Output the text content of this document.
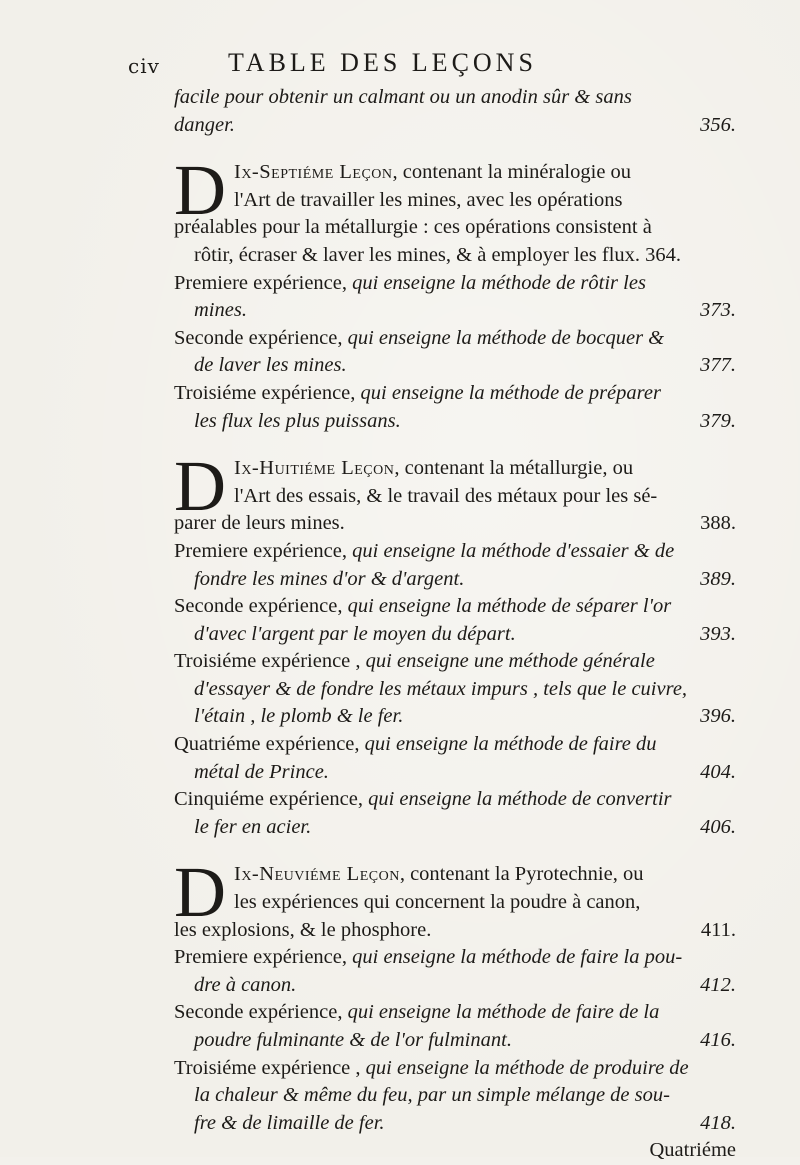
civ	TABLE DES LEÇONS
facile pour obtenir un calmant ou un anodin sûr & sans
danger.	356.
D Ix-Septiéme Leçon, contenant la minéralogie ou
l'Art de travailler les mines, avec les opérations
préalables pour la métallurgie : ces opérations consistent à
rôtir, écraser & laver les mines, & à employer les flux. 364.
Premiere expérience, qui enseigne la méthode de rôtir les
mines.	373.
Seconde expérience, qui enseigne la méthode de bocquer &
de laver les mines.	377.
Troisiéme expérience, qui enseigne la méthode de préparer
les flux les plus puissans.	379.
D Ix-Huitiéme Leçon, contenant la métallurgie, ou
l'Art des essais, & le travail des métaux pour les sé-
parer de leurs mines.	388.
Premiere expérience, qui enseigne la méthode d'essaier & de
fondre les mines d'or & d'argent.	389.
Seconde expérience, qui enseigne la méthode de séparer l'or
d'avec l'argent par le moyen du départ.	393.
Troisiéme expérience , qui enseigne une méthode générale
d'essayer & de fondre les métaux impurs , tels que le cuivre,
l'étain , le plomb & le fer.	396.
Quatriéme expérience, qui enseigne la méthode de faire du
métal de Prince.	404.
Cinquiéme expérience, qui enseigne la méthode de convertir
le fer en acier.	406.
D Ix-Neuviéme Leçon, contenant la Pyrotechnie, ou
les expériences qui concernent la poudre à canon,
les explosions, & le phosphore.	411.
Premiere expérience, qui enseigne la méthode de faire la pou-
dre à canon.	412.
Seconde expérience, qui enseigne la méthode de faire de la
poudre fulminante & de l'or fulminant.	416.
Troisiéme expérience , qui enseigne la méthode de produire de
la chaleur & même du feu, par un simple mélange de sou-
fre & de limaille de fer.	418.
Quatriéme
